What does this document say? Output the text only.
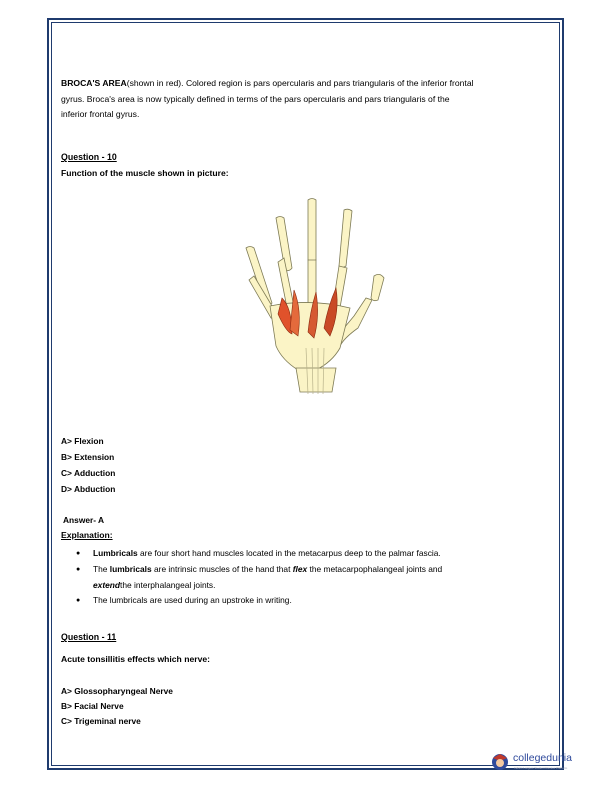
BROCA'S AREA(shown in red). Colored region is pars opercularis and pars triangularis of the inferior frontal

gyrus. Broca's area is now typically defined in terms of the pars opercularis and pars triangularis of the

inferior frontal gyrus.

Question - 10
Function of the muscle shown in picture:
A> Flexion
B> Extension
C> Adduction
D> Abduction
Answer- A
Explanation:
● Lumbricals are four short hand muscles located in the metacarpus deep to the palmar fascia.
● The lumbricals are intrinsic muscles of the hand that flex the metacarpophalangeal joints and
extendthe interphalangeal joints.
● The lumbricals are used during an upstroke in writing.
Question - 11
Acute tonsillitis effects which nerve:
A> Glossopharyngeal Nerve
B> Facial Nerve
C> Trigeminal nerve
collegedunia
India's Largest Student Review Platform
